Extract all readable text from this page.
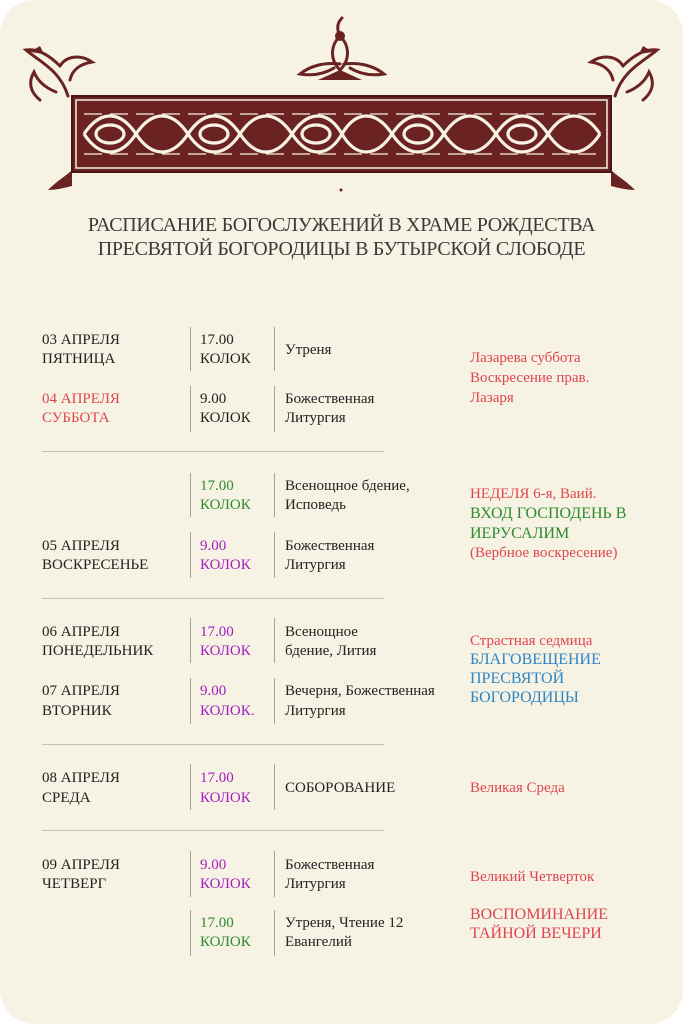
РАСПИСАНИЕ БОГОСЛУЖЕНИЙ В ХРАМЕ РОЖДЕСТВА
ПРЕСВЯТОЙ БОГОРОДИЦЫ В БУТЫРСКОЙ СЛОБОДЕ
03 АПРЕЛЯ
ПЯТНИЦА
17.00
КОЛОК
Утреня
04 АПРЕЛЯ
СУББОТА
9.00
КОЛОК
Божественная
Литургия
Лазарева суббота
Воскресение прав.
Лазаря
17.00
КОЛОК
Всенощное бдение,
Исповедь
05 АПРЕЛЯ
ВОСКРЕСЕНЬЕ
9.00
КОЛОК
Божественная
Литургия
НЕДЕЛЯ 6-я, Ваий.
ВХОД ГОСПОДЕНЬ В
ИЕРУСАЛИМ
(Вербное воскресение)
06 АПРЕЛЯ
ПОНЕДЕЛЬНИК
17.00
КОЛОК
Всенощное
бдение, Лития
07 АПРЕЛЯ
ВТОРНИК
9.00
КОЛОК.
Вечерня, Божественная
Литургия
Страстная седмица
БЛАГОВЕЩЕНИЕ
ПРЕСВЯТОЙ
БОГОРОДИЦЫ
08 АПРЕЛЯ
СРЕДА
17.00
КОЛОК
СОБОРОВАНИЕ	Великая Среда
09 АПРЕЛЯ
ЧЕТВЕРГ
9.00
КОЛОК
Божественная
Литургия	Великий Четверток
17.00
КОЛОК
Утреня, Чтение 12
Евангелий
ВОСПОМИНАНИЕ
ТАЙНОЙ ВЕЧЕРИ
